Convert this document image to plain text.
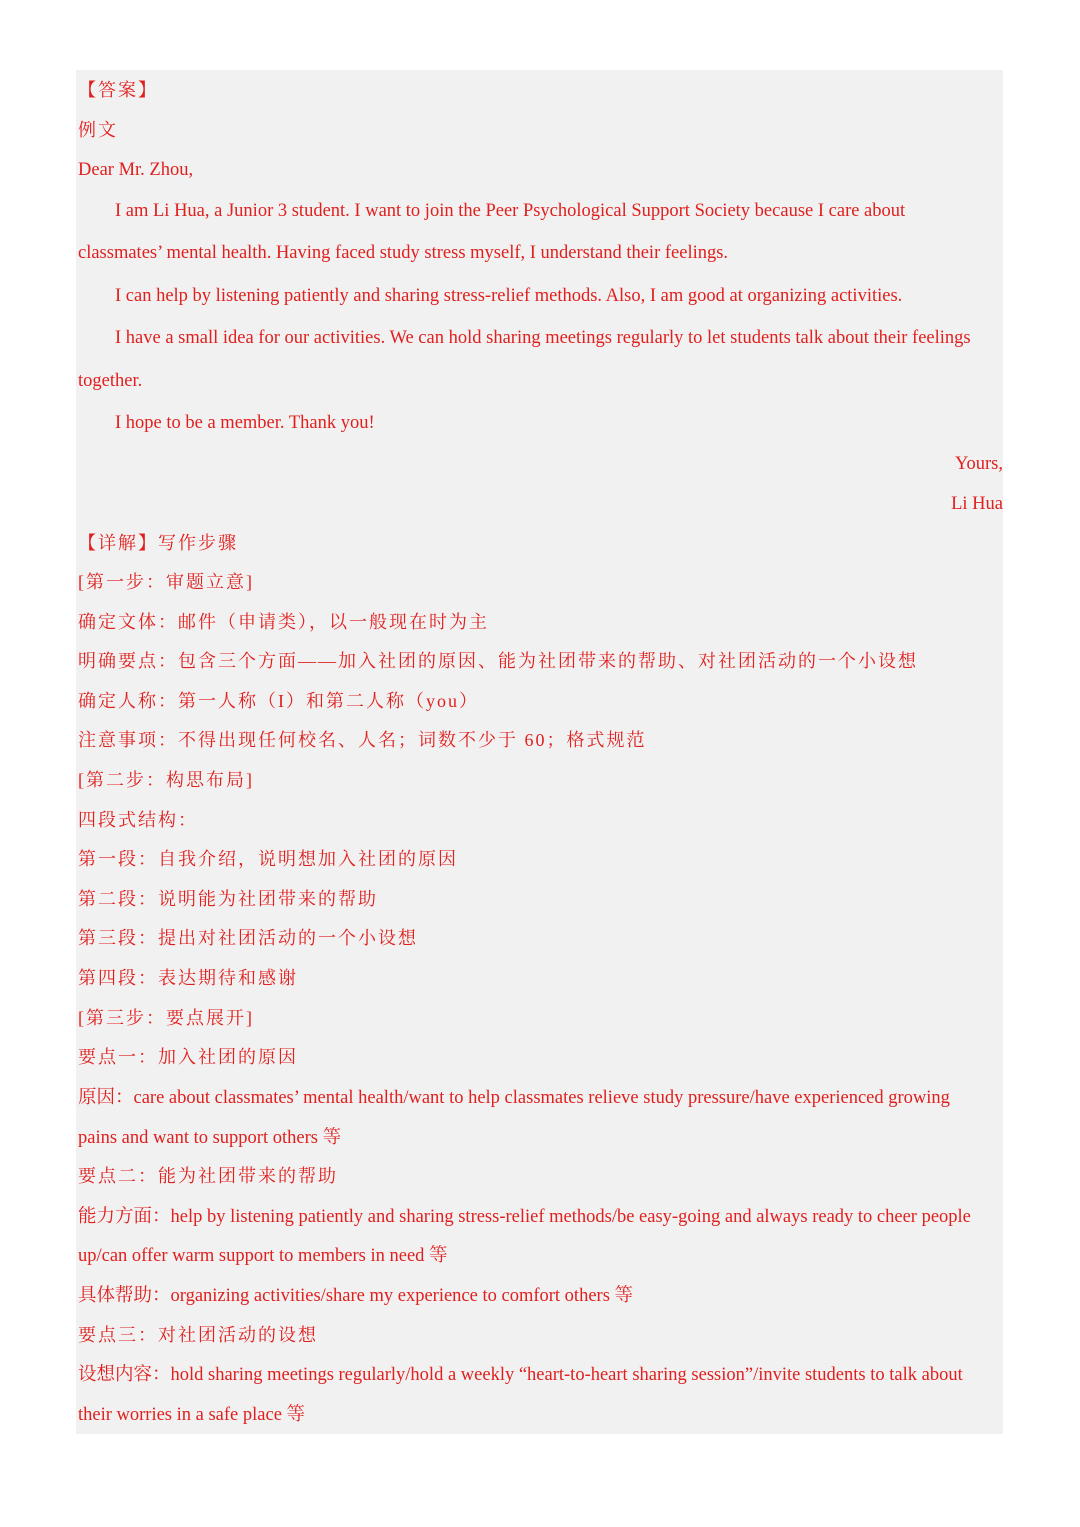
【答案】
例文
Dear Mr. Zhou,
I am Li Hua, a Junior 3 student. I want to join the Peer Psychological Support Society because I care about
classmates’ mental health. Having faced study stress myself, I understand their feelings.
I can help by listening patiently and sharing stress-relief methods. Also, I am good at organizing activities.
I have a small idea for our activities. We can hold sharing meetings regularly to let students talk about their feelings
together.
I hope to be a member. Thank you!
Yours,
Li Hua
【详解】写作步骤
[第一步：审题立意]
确定文体：邮件（申请类），以一般现在时为主
明确要点：包含三个方面——加入社团的原因、能为社团带来的帮助、对社团活动的一个小设想
确定人称：第一人称（I）和第二人称（you）
注意事项：不得出现任何校名、人名；词数不少于 60；格式规范
[第二步：构思布局]
四段式结构：
第一段：自我介绍，说明想加入社团的原因
第二段：说明能为社团带来的帮助
第三段：提出对社团活动的一个小设想
第四段：表达期待和感谢
[第三步：要点展开]
要点一：加入社团的原因
原因：care about classmates’ mental health/want to help classmates relieve study pressure/have experienced growing
pains and want to support others 等
要点二：能为社团带来的帮助
能力方面：help by listening patiently and sharing stress-relief methods/be easy-going and always ready to cheer people
up/can offer warm support to members in need 等
具体帮助：organizing activities/share my experience to comfort others 等
要点三：对社团活动的设想
设想内容：hold sharing meetings regularly/hold a weekly “heart-to-heart sharing session”/invite students to talk about
their worries in a safe place 等
